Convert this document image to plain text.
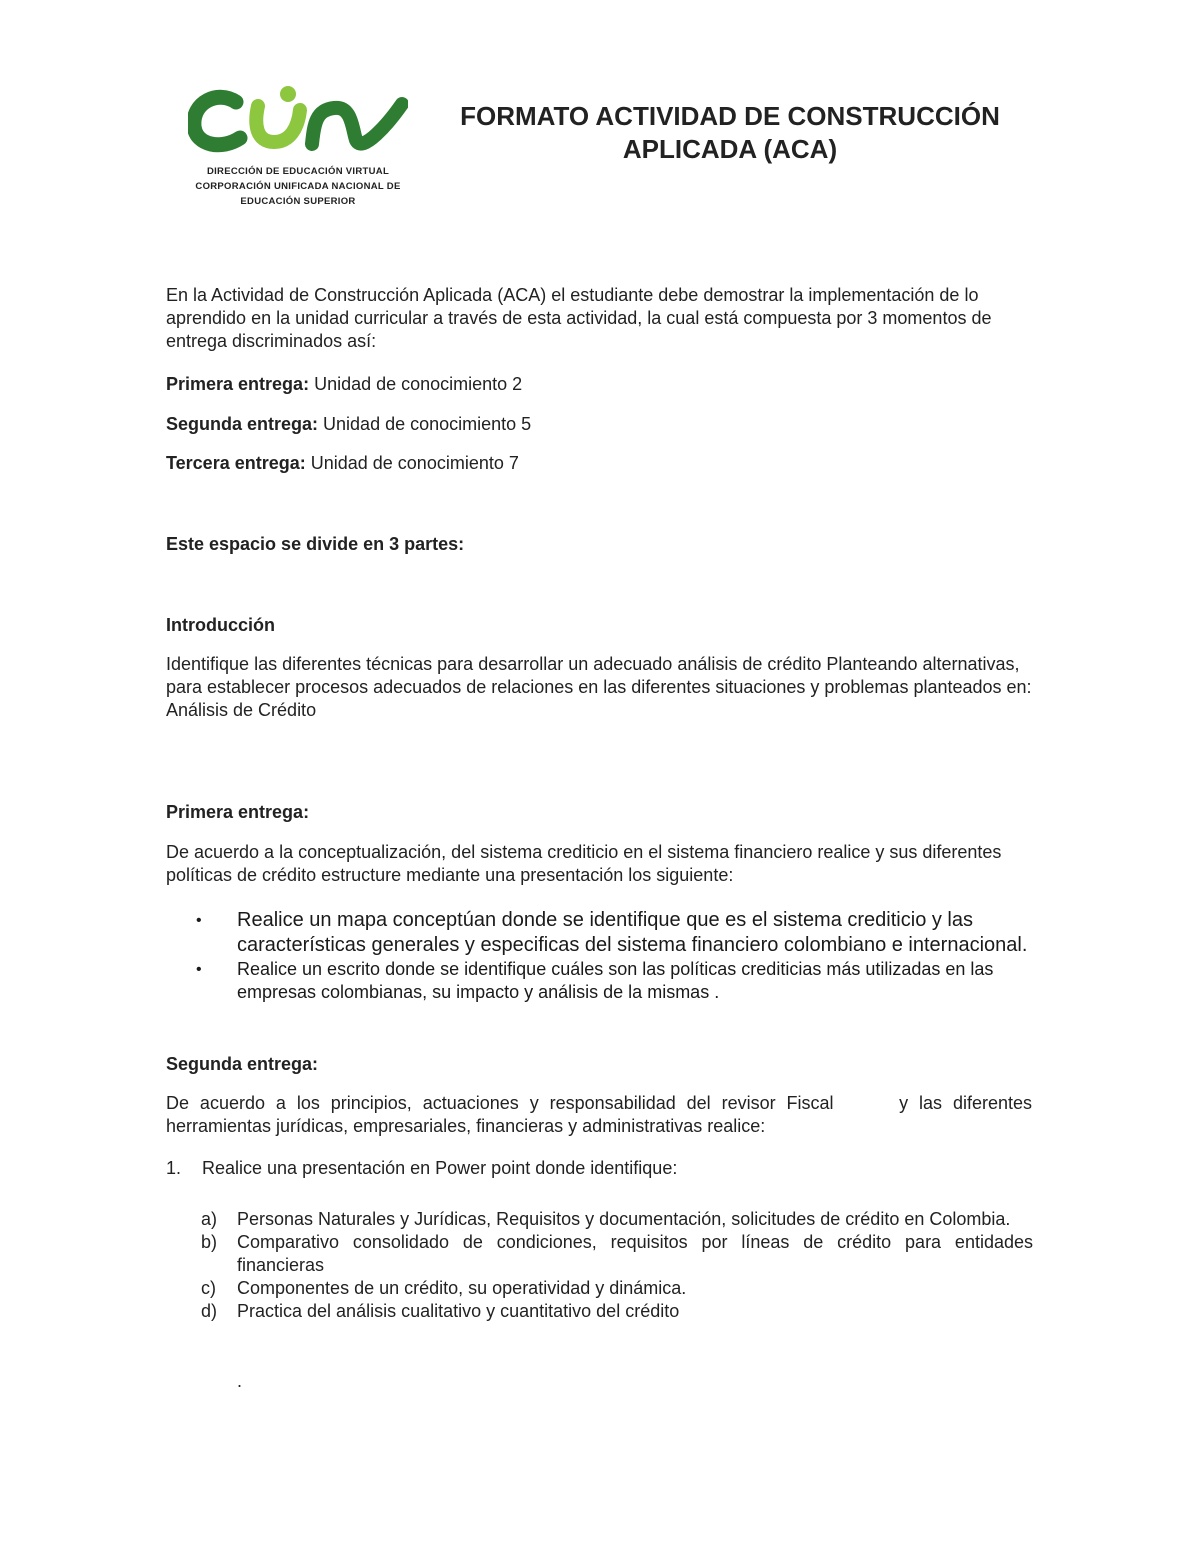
DIRECCIÓN DE EDUCACIÓN VIRTUAL
CORPORACIÓN UNIFICADA NACIONAL DE
EDUCACIÓN SUPERIOR
FORMATO ACTIVIDAD DE CONSTRUCCIÓN
APLICADA (ACA)

En la Actividad de Construcción Aplicada (ACA) el estudiante debe demostrar la implementación de lo aprendido en la unidad curricular a través de esta actividad, la cual está compuesta por 3 momentos de entrega discriminados así:

Primera entrega: Unidad de conocimiento 2

Segunda entrega: Unidad de conocimiento 5

Tercera entrega: Unidad de conocimiento 7

Este espacio se divide en 3 partes:

Introducción

Identifique las diferentes técnicas para desarrollar un adecuado análisis de crédito Planteando alternativas, para establecer procesos adecuados de relaciones en las diferentes situaciones y problemas planteados en: Análisis de Crédito

Primera entrega:

De acuerdo a la conceptualización, del sistema crediticio en el sistema financiero realice y sus diferentes políticas de crédito estructure mediante una presentación los siguiente:

•	Realice un mapa conceptúan donde se identifique que es el sistema crediticio y las características generales y especificas del sistema financiero colombiano e internacional.
•	Realice un escrito donde se identifique cuáles son las políticas crediticias más utilizadas en las empresas colombianas, su impacto y análisis de la mismas .

Segunda entrega:

De acuerdo a los principios, actuaciones y responsabilidad del revisor Fiscal      y las diferentes herramientas jurídicas, empresariales, financieras y administrativas realice:

1.	Realice una presentación en Power point donde identifique:
a)	Personas Naturales y Jurídicas, Requisitos y documentación, solicitudes de crédito en Colombia.
b)	Comparativo consolidado de condiciones, requisitos por líneas de crédito para entidades financieras
c)	Componentes de un crédito, su operatividad y dinámica.
d)	Practica del análisis cualitativo y cuantitativo del crédito
.
